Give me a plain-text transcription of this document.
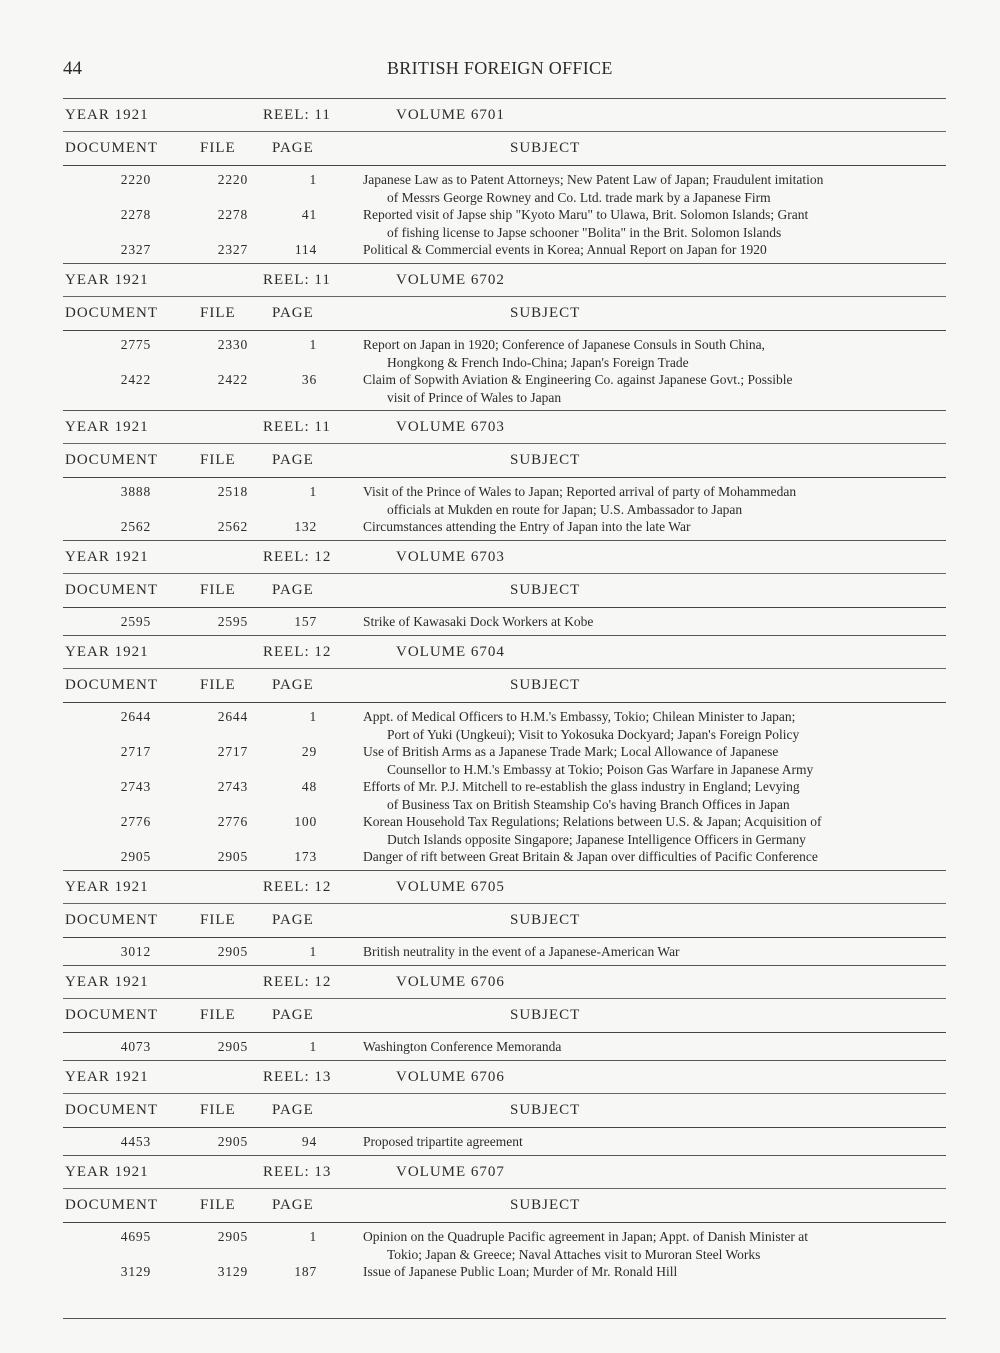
44	BRITISH FOREIGN OFFICE
YEAR 1921	REEL: 11	VOLUME 6701
DOCUMENT	FILE PAGE	SUBJECT
2220	2220	1	Japanese Law as to Patent Attorneys; New Patent Law of Japan; Fraudulent imitation
of Messrs George Rowney and Co. Ltd. trade mark by a Japanese Firm
2278	2278	41	Reported visit of Japse ship "Kyoto Maru" to Ulawa, Brit. Solomon Islands; Grant
of fishing license to Japse schooner "Bolita" in the Brit. Solomon Islands
2327	2327	114	Political & Commercial events in Korea; Annual Report on Japan for 1920
YEAR 1921	REEL: 11	VOLUME 6702
DOCUMENT	FILE PAGE	SUBJECT
2775	2330	1	Report on Japan in 1920; Conference of Japanese Consuls in South China,
Hongkong & French Indo-China; Japan's Foreign Trade
2422	2422	36	Claim of Sopwith Aviation & Engineering Co. against Japanese Govt.; Possible
visit of Prince of Wales to Japan
YEAR 1921	REEL: 11	VOLUME 6703
DOCUMENT	FILE PAGE	SUBJECT
3888	2518	1	Visit of the Prince of Wales to Japan; Reported arrival of party of Mohammedan
officials at Mukden en route for Japan; U.S. Ambassador to Japan
2562	2562	132	Circumstances attending the Entry of Japan into the late War
YEAR 1921	REEL: 12	VOLUME 6703
DOCUMENT	FILE PAGE	SUBJECT
2595	2595	157	Strike of Kawasaki Dock Workers at Kobe
YEAR 1921	REEL: 12	VOLUME 6704
DOCUMENT	FILE PAGE	SUBJECT
2644	2644	1	Appt. of Medical Officers to H.M.'s Embassy, Tokio; Chilean Minister to Japan;
Port of Yuki (Ungkeui); Visit to Yokosuka Dockyard; Japan's Foreign Policy
2717	2717	29	Use of British Arms as a Japanese Trade Mark; Local Allowance of Japanese
Counsellor to H.M.'s Embassy at Tokio; Poison Gas Warfare in Japanese Army
2743	2743	48	Efforts of Mr. P.J. Mitchell to re-establish the glass industry in England; Levying
of Business Tax on British Steamship Co's having Branch Offices in Japan
2776	2776	100	Korean Household Tax Regulations; Relations between U.S. & Japan; Acquisition of
Dutch Islands opposite Singapore; Japanese Intelligence Officers in Germany
2905	2905	173	Danger of rift between Great Britain & Japan over difficulties of Pacific Conference
YEAR 1921	REEL: 12	VOLUME 6705
DOCUMENT	FILE PAGE	SUBJECT
3012	2905	1	British neutrality in the event of a Japanese-American War
YEAR 1921	REEL: 12	VOLUME 6706
DOCUMENT	FILE PAGE	SUBJECT
4073	2905	1	Washington Conference Memoranda
YEAR 1921	REEL: 13	VOLUME 6706
DOCUMENT	FILE PAGE	SUBJECT
4453	2905	94	Proposed tripartite agreement
YEAR 1921	REEL: 13	VOLUME 6707
DOCUMENT	FILE PAGE	SUBJECT
4695	2905	1	Opinion on the Quadruple Pacific agreement in Japan; Appt. of Danish Minister at
Tokio; Japan & Greece; Naval Attaches visit to Muroran Steel Works
3129	3129	187	Issue of Japanese Public Loan; Murder of Mr. Ronald Hill
